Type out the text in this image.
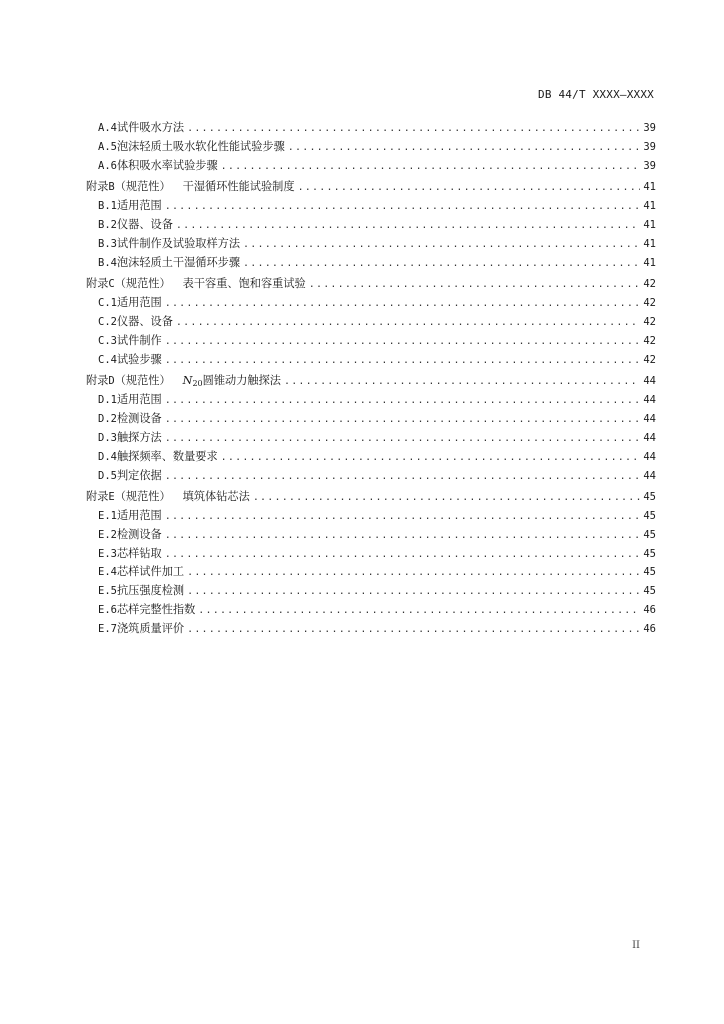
DB 44/T XXXX—XXXX
A.4 试件吸水方法 .....	39
A.5 泡沫轻质土吸水软化性能试验步骤 .....	39
A.6 体积吸水率试验步骤 .....	39
附录B（规范性） 干湿循环性能试验制度 .....	41
B.1 适用范围 .....	41
B.2 仪器、设备 .....	41
B.3 试件制作及试验取样方法 .....	41
B.4 泡沫轻质土干湿循环步骤 .....	41
附录C（规范性） 表干容重、饱和容重试验 .....	42
C.1 适用范围 .....	42
C.2 仪器、设备 .....	42
C.3 试件制作 .....	42
C.4 试验步骤 .....	42
附录D（规范性） N20圆锥动力触探法 .....	44
D.1 适用范围 .....	44
D.2 检测设备 .....	44
D.3 触探方法 .....	44
D.4 触探频率、数量要求 .....	44
D.5 判定依据 .....	44
附录E（规范性） 填筑体钻芯法 .....	45
E.1 适用范围 .....	45
E.2 检测设备 .....	45
E.3 芯样钻取 .....	45
E.4 芯样试件加工 .....	45
E.5 抗压强度检测 .....	45
E.6 芯样完整性指数 .....	46
E.7 浇筑质量评价 .....	46
II
